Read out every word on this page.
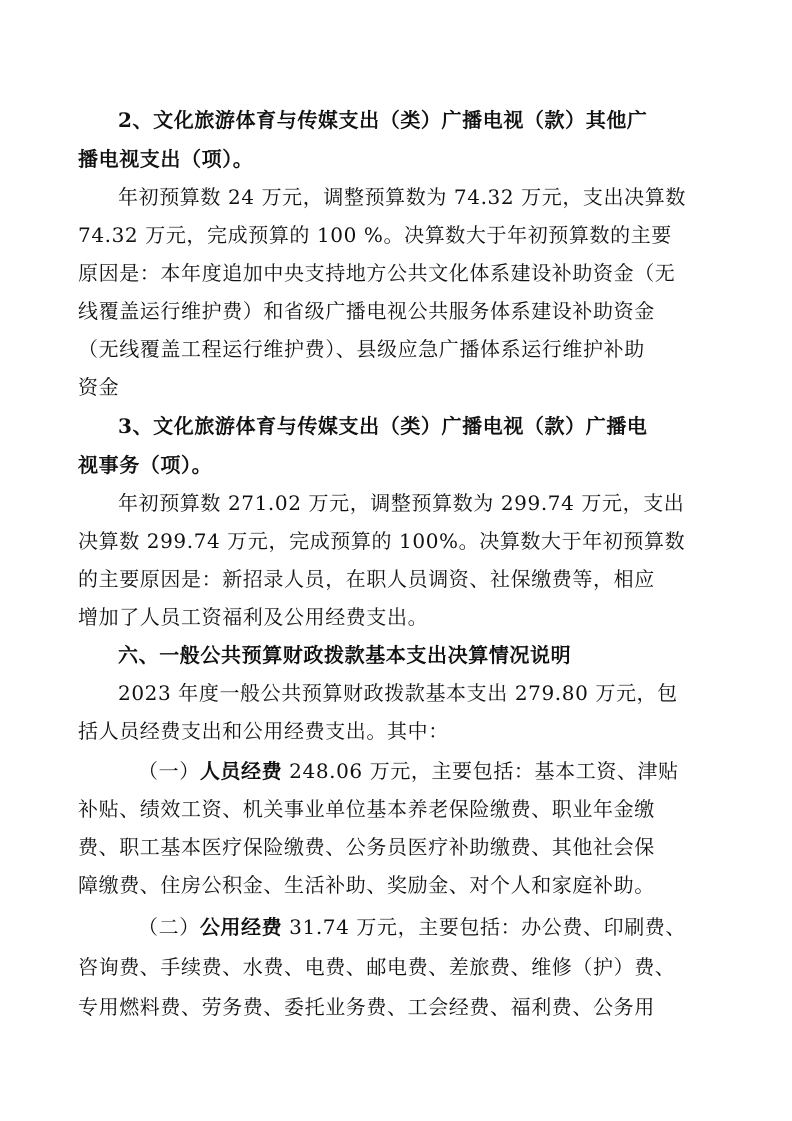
2、文化旅游体育与传媒支出（类）广播电视（款）其他广
播电视支出（项）。
年初预算数 24 万元，调整预算数为 74.32 万元，支出决算数
74.32 万元，完成预算的 100 %。决算数大于年初预算数的主要
原因是：本年度追加中央支持地方公共文化体系建设补助资金（无
线覆盖运行维护费）和省级广播电视公共服务体系建设补助资金
（无线覆盖工程运行维护费）、县级应急广播体系运行维护补助
资金
3、文化旅游体育与传媒支出（类）广播电视（款）广播电
视事务（项）。
年初预算数 271.02 万元，调整预算数为 299.74 万元，支出
决算数 299.74 万元，完成预算的 100%。决算数大于年初预算数
的主要原因是：新招录人员，在职人员调资、社保缴费等，相应
增加了人员工资福利及公用经费支出。
六、一般公共预算财政拨款基本支出决算情况说明
2023 年度一般公共预算财政拨款基本支出 279.80 万元，包
括人员经费支出和公用经费支出。其中：
（一）人员经费 248.06 万元，主要包括：基本工资、津贴
补贴、绩效工资、机关事业单位基本养老保险缴费、职业年金缴
费、职工基本医疗保险缴费、公务员医疗补助缴费、其他社会保
障缴费、住房公积金、生活补助、奖励金、对个人和家庭补助。
（二）公用经费 31.74 万元，主要包括：办公费、印刷费、
咨询费、手续费、水费、电费、邮电费、差旅费、维修（护）费、
专用燃料费、劳务费、委托业务费、工会经费、福利费、公务用
